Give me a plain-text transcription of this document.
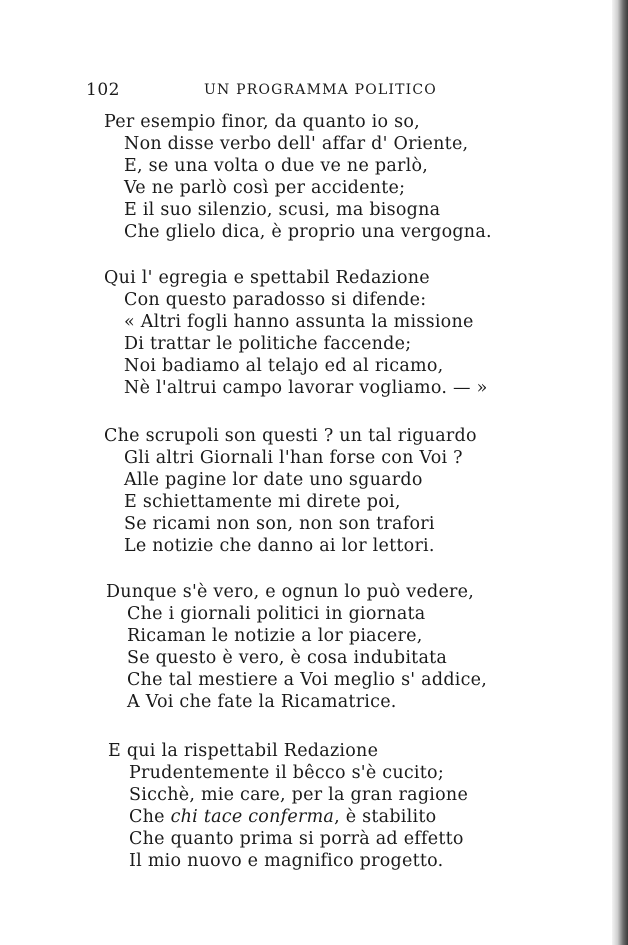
102	UN PROGRAMMA POLITICO
Per esempio finor, da quanto io so,
Non disse verbo dell' affar d' Oriente,
E, se una volta o due ve ne parlò,
Ve ne parlò così per accidente;
E il suo silenzio, scusi, ma bisogna
Che glielo dica, è proprio una vergogna.
Qui l' egregia e spettabil Redazione
Con questo paradosso si difende:
« Altri fogli hanno assunta la missione
Di trattar le politiche faccende;
Noi badiamo al telajo ed al ricamo,
Nè l'altrui campo lavorar vogliamo. — »
Che scrupoli son questi ? un tal riguardo
Gli altri Giornali l'han forse con Voi ?
Alle pagine lor date uno sguardo
E schiettamente mi direte poi,
Se ricami non son, non son trafori
Le notizie che danno ai lor lettori.
Dunque s'è vero, e ognun lo può vedere,
Che i giornali politici in giornata
Ricaman le notizie a lor piacere,
Se questo è vero, è cosa indubitata
Che tal mestiere a Voi meglio s' addice,
A Voi che fate la Ricamatrice.
E qui la rispettabil Redazione
Prudentemente il bêcco s'è cucito;
Sicchè, mie care, per la gran ragione
Che chi tace conferma, è stabilito
Che quanto prima si porrà ad effetto
Il mio nuovo e magnifico progetto.
